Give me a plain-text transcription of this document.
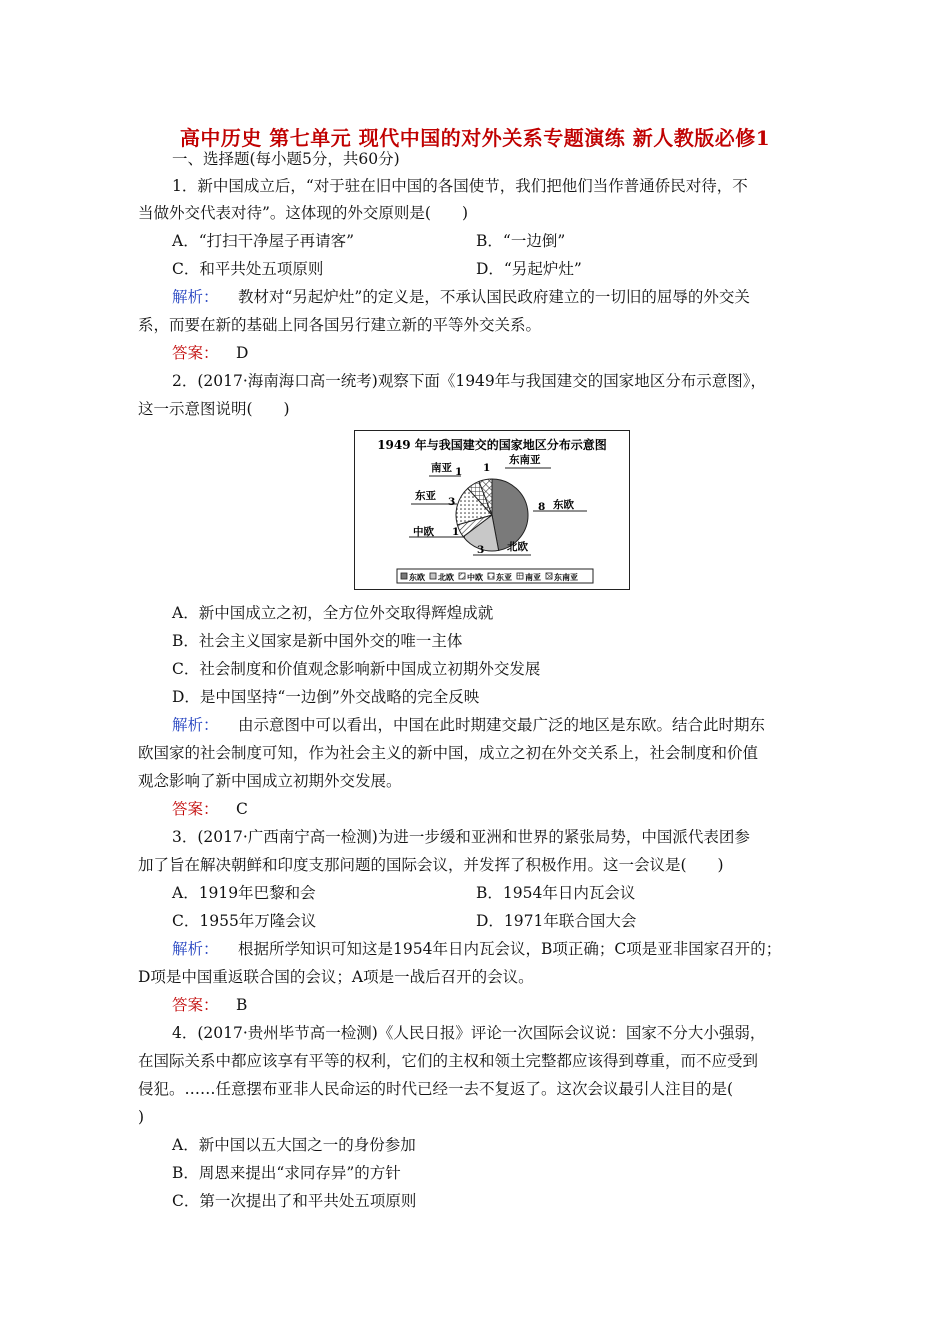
高中历史 第七单元 现代中国的对外关系专题演练 新人教版必修1
一、选择题(每小题5分，共60分)
1．新中国成立后，“对于驻在旧中国的各国使节，我们把他们当作普通侨民对待，不
当做外交代表对待”。这体现的外交原则是(　　)
A．“打扫干净屋子再请客”	B．“一边倒”
C．和平共处五项原则	D．“另起炉灶”
解析： 教材对“另起炉灶”的定义是，不承认国民政府建立的一切旧的屈辱的外交关
系，而要在新的基础上同各国另行建立新的平等外交关系。
答案： D
2．(2017·海南海口高一统考)观察下面《1949年与我国建交的国家地区分布示意图》，
这一示意图说明(　　)
1949 年与我国建交的国家地区分布示意图
东欧
8
北欧
3
中欧 1
东亚 3
南亚 1
东南亚
1
东欧 北欧 中欧 东亚 南亚 东南亚
A．新中国成立之初，全方位外交取得辉煌成就
B．社会主义国家是新中国外交的唯一主体
C．社会制度和价值观念影响新中国成立初期外交发展
D．是中国坚持“一边倒”外交战略的完全反映
解析： 由示意图中可以看出，中国在此时期建交最广泛的地区是东欧。结合此时期东
欧国家的社会制度可知，作为社会主义的新中国，成立之初在外交关系上，社会制度和价值
观念影响了新中国成立初期外交发展。
答案： C
3．(2017·广西南宁高一检测)为进一步缓和亚洲和世界的紧张局势，中国派代表团参
加了旨在解决朝鲜和印度支那问题的国际会议，并发挥了积极作用。这一会议是(　　)
A．1919年巴黎和会	B．1954年日内瓦会议
C．1955年万隆会议	D．1971年联合国大会
解析： 根据所学知识可知这是1954年日内瓦会议，B项正确；C项是亚非国家召开的；
D项是中国重返联合国的会议；A项是一战后召开的会议。
答案： B
4．(2017·贵州毕节高一检测)《人民日报》评论一次国际会议说：国家不分大小强弱，
在国际关系中都应该享有平等的权利，它们的主权和领土完整都应该得到尊重，而不应受到
侵犯。……任意摆布亚非人民命运的时代已经一去不复返了。这次会议最引人注目的是(
)
A．新中国以五大国之一的身份参加
B．周恩来提出“求同存异”的方针
C．第一次提出了和平共处五项原则
